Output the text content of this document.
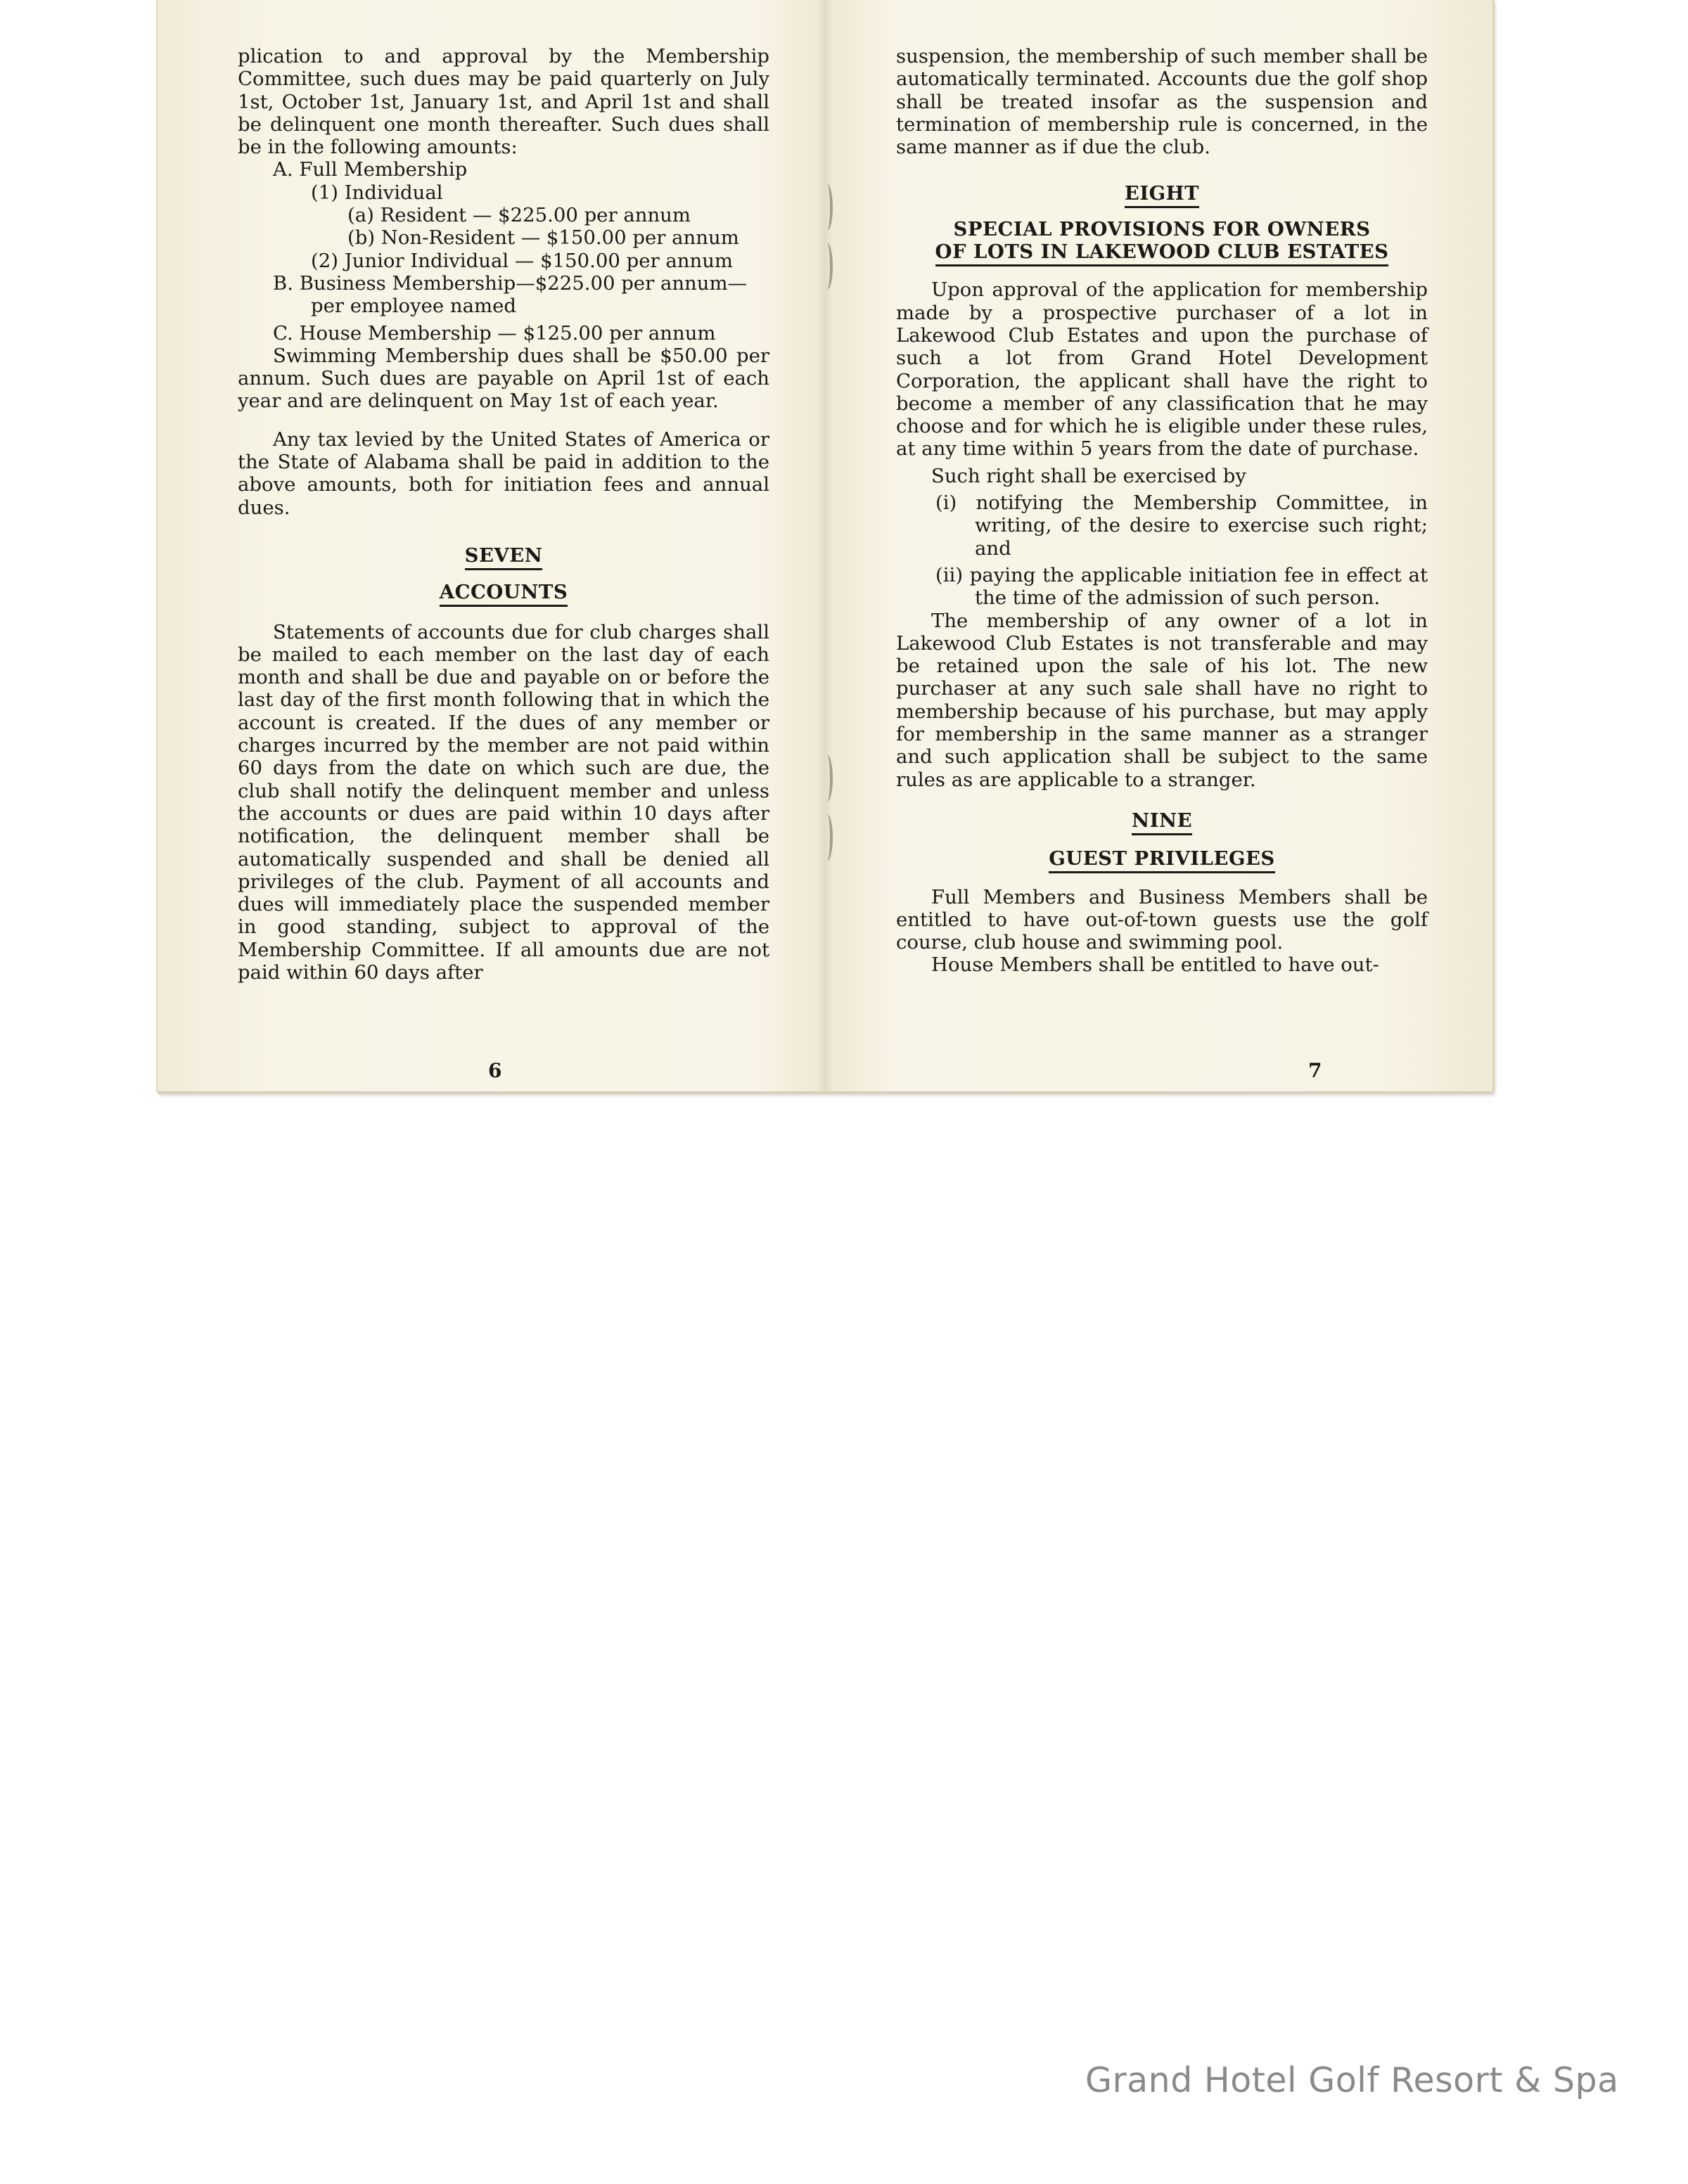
plication to and approval by the Membership Committee, such dues may be paid quarterly on July 1st, October 1st, January 1st, and April 1st and shall be delinquent one month thereafter. Such dues shall be in the following amounts:

A. Full Membership

(1) Individual

(a) Resident — $225.00 per annum

(b) Non-Resident — $150.00 per annum

(2) Junior Individual — $150.00 per annum

B. Business Membership—$225.00 per annum—

per employee named

C. House Membership — $125.00 per annum

Swimming Membership dues shall be $50.00 per annum. Such dues are payable on April 1st of each year and are delinquent on May 1st of each year.

Any tax levied by the United States of America or the State of Alabama shall be paid in addition to the above amounts, both for initiation fees and annual dues.

SEVEN

ACCOUNTS

Statements of accounts due for club charges shall be mailed to each member on the last day of each month and shall be due and payable on or before the last day of the first month following that in which the account is created. If the dues of any member or charges incurred by the member are not paid within 60 days from the date on which such are due, the club shall notify the delinquent member and unless the accounts or dues are paid within 10 days after notification, the delinquent member shall be automatically suspended and shall be denied all privileges of the club. Payment of all accounts and dues will immediately place the suspended member in good standing, subject to approval of the Membership Committee. If all amounts due are not paid within 60 days after

6

suspension, the membership of such member shall be automatically terminated. Accounts due the golf shop shall be treated insofar as the suspension and termination of membership rule is concerned, in the same manner as if due the club.

EIGHT

SPECIAL PROVISIONS FOR OWNERS

OF LOTS IN LAKEWOOD CLUB ESTATES

Upon approval of the application for membership made by a prospective purchaser of a lot in Lakewood Club Estates and upon the purchase of such a lot from Grand Hotel Development Corporation, the applicant shall have the right to become a member of any classification that he may choose and for which he is eligible under these rules, at any time within 5 years from the date of purchase.

Such right shall be exercised by

(i) notifying the Membership Committee, in writing, of the desire to exercise such right; and

(ii) paying the applicable initiation fee in effect at the time of the admission of such person.

The membership of any owner of a lot in Lakewood Club Estates is not transferable and may be retained upon the sale of his lot. The new purchaser at any such sale shall have no right to membership because of his purchase, but may apply for membership in the same manner as a stranger and such application shall be subject to the same rules as are applicable to a stranger.

NINE

GUEST PRIVILEGES

Full Members and Business Members shall be entitled to have out-of-town guests use the golf course, club house and swimming pool.

House Members shall be entitled to have out-

7
Grand Hotel Golf Resort & Spa
